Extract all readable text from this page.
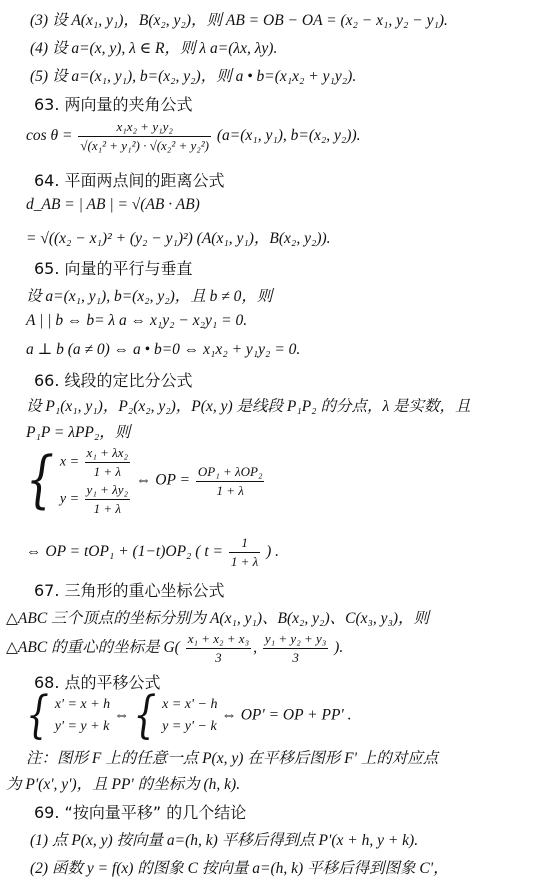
(3) 设 A(x₁, y₁)，B(x₂, y₂)，则 AB = OB − OA = (x₂ − x₁, y₂ − y₁).
(4) 设 a=(x, y), λ ∈ R，则 λ a=(λx, λy).
(5) 设 a=(x₁, y₁), b=(x₂, y₂)，则 a • b=(x₁x₂ + y₁y₂).
63. 两向量的夹角公式
$\cos \theta = \frac{\text{x₁x₂ + y₁y₂}}{\text{√(x₁² + y₁²) · √(x₂² + y₂²)}} (a=(x_1$, y₁), b=(x₂, y₂)).
64. 平面两点间的距离公式
d_AB = | AB | = √(AB · AB)
= √((x₂ − x₁)² + (y₂ − y₁)²) (A(x₁, y₁)，B(x₂, y₂)).
65. 向量的平行与垂直
设 a=(x₁, y₁), b=(x₂, y₂)，且 b ≠ 0，则
A | | b ⇔ b= λ a ⇔ x₁y₂ − x₂y₁ = 0.
a ⊥ b (a ≠ 0) ⇔ a • b=0 ⇔ x₁x₂ + y₁y₂ = 0.
66. 线段的定比分公式
设 P₁(x₁, y₁)，P₂(x₂, y₂)，P(x, y) 是线段 P₁P₂ 的分点，λ 是实数，且
P₁P = λPP₂，则
{ $x = \frac{\text{x₁ + λx₂}}{1 + \lambda}$
$y = \frac{\text{y₁ + λy₂}}{1 + \lambda}$
⇔ OP = $\frac{\text{OP₁ + λOP₂}}{1 + \lambda}$
⇔ OP = tOP₁ + (1−t)OP₂ ( $t = \frac{1}{1 + \lambda}$ ) .
67. 三角形的重心坐标公式
△ABC 三个顶点的坐标分别为 A(x₁, y₁)、B(x₂, y₂)、C(x₃, y₃)，则
△ABC 的重心的坐标是 $G( \frac{\text{x₁ + x₂ + x₃}}{3}$ , $\frac{\text{y₁ + y₂ + y₃}}{3}$ ).
68. 点的平移公式
{ x' = x + h
y' = y + k
⇔ { x = x' − h
y = y' − k
⇔ OP' = OP + PP' .
注：图形 F 上的任意一点 P(x, y) 在平移后图形 F' 上的对应点
为 P'(x', y')，且 PP' 的坐标为 (h, k).
69. “按向量平移” 的几个结论
(1) 点 P(x, y) 按向量 a=(h, k) 平移后得到点 P'(x + h, y + k).
(2) 函数 y = f(x) 的图象 C 按向量 a=(h, k) 平移后得到图象 C'，
